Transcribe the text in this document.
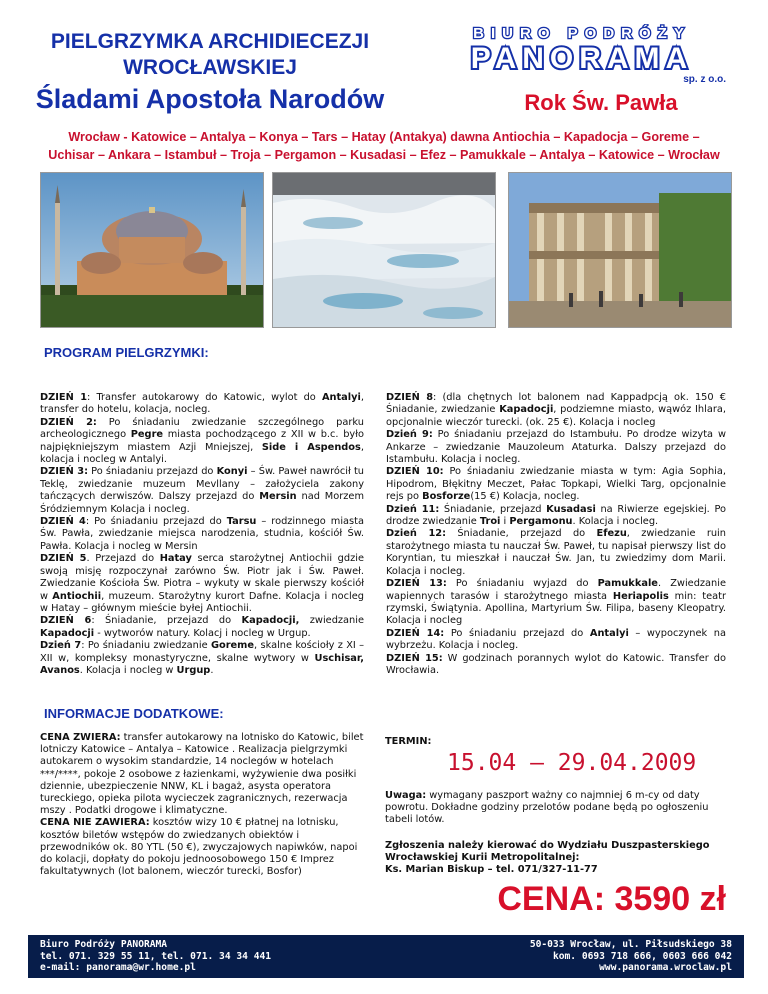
PIELGRZYMKA ARCHIDIECEZJI
WROCŁAWSKIEJ
Śladami Apostoła Narodów
BIURO PODRÓŻY
PANORAMA
sp. z o.o.
Rok Św. Pawła
Wrocław - Katowice – Antalya – Konya – Tars – Hatay (Antakya) dawna Antiochia – Kapadocja – Goreme –
Uchisar – Ankara – Istambuł – Troja – Pergamon – Kusadasi – Efez – Pamukkale – Antalya – Katowice – Wrocław
PROGRAM PIELGRZYMKI:

DZIEŃ 1: Transfer autokarowy do Katowic, wylot do Antalyi, transfer do hotelu, kolacja, nocleg.

DZIEŃ 2: Po śniadaniu zwiedzanie szczególnego parku archeologicznego Pegre miasta pochodzącego z XII w b.c. było najpiękniejszym miastem Azji Mniejszej, Side i Aspendos, kolacja i nocleg w Antalyi.

DZIEŃ 3: Po śniadaniu przejazd do Konyi – Św. Paweł nawrócił tu Teklę, zwiedzanie muzeum Mevllany – założyciela zakony tańczących derwiszów. Dalszy przejazd do Mersin nad Morzem Śródziemnym Kolacja i nocleg.

DZIEŃ 4: Po śniadaniu przejazd do Tarsu – rodzinnego miasta Św. Pawła, zwiedzanie miejsca narodzenia, studnia, kościół Św. Pawła. Kolacja i nocleg w Mersin

DZIEŃ 5. Przejazd do Hatay serca starożytnej Antiochii gdzie swoją misję rozpoczynał zarówno Św. Piotr jak i Św. Paweł. Zwiedzanie Kościoła Św. Piotra – wykuty w skale pierwszy kościół w Antiochii, muzeum. Starożytny kurort Dafne. Kolacja i nocleg w Hatay – głównym mieście byłej Antiochii.

DZIEŃ 6: Śniadanie, przejazd do Kapadocji, zwiedzanie Kapadocji - wytworów natury. Kolacj i nocleg w Urgup.

Dzień 7: Po śniadaniu zwiedzanie Goreme, skalne kościoły z XI – XII w, kompleksy monastyryczne, skalne wytwory w Uschisar, Avanos. Kolacja i nocleg w Urgup.

DZIEŃ 8: (dla chętnych lot balonem nad Kappadpcją ok. 150 € Śniadanie, zwiedzanie Kapadocji, podziemne miasto, wąwóz Ihlara, opcjonalnie wieczór turecki. (ok. 25 €). Kolacja i nocleg

Dzień 9: Po śniadaniu przejazd do Istambułu. Po drodze wizyta w Ankarze – zwiedzanie Mauzoleum Ataturka. Dalszy przejazd do Istambułu. Kolacja i nocleg.

DZIEŃ 10: Po śniadaniu zwiedzanie miasta w tym: Agia Sophia, Hipodrom, Błękitny Meczet, Pałac Topkapi, Wielki Targ, opcjonalnie rejs po Bosforze(15 €) Kolacja, nocleg.

Dzień 11: Śniadanie, przejazd Kusadasi na Riwierze egejskiej. Po drodze zwiedzanie Troi i Pergamonu. Kolacja i nocleg.

Dzień 12: Śniadanie, przejazd do Efezu, zwiedzanie ruin starożytnego miasta tu nauczał Św. Paweł, tu napisał pierwszy list do Koryntian, tu mieszkał i nauczał Św. Jan, tu zwiedzimy dom Marii. Kolacja i nocleg.

DZIEŃ 13: Po śniadaniu wyjazd do Pamukkale. Zwiedzanie wapiennych tarasów i starożytnego miasta Heriapolis min: teatr rzymski, Świątynia. Apollina, Martyrium Św. Filipa, baseny Kleopatry. Kolacja i nocleg

DZIEŃ 14: Po śniadaniu przejazd do Antalyi – wypoczynek na wybrzeżu. Kolacja i nocleg.

DZIEŃ 15: W godzinach porannych wylot do Katowic. Transfer do Wrocławia.

INFORMACJE DODATKOWE:

CENA ZWIERA: transfer autokarowy na lotnisko do Katowic, bilet lotniczy Katowice – Antalya – Katowice . Realizacja pielgrzymki autokarem o wysokim standardzie, 14 noclegów w hotelach ***/****, pokoje 2 osobowe z łazienkami, wyżywienie dwa posiłki dziennie, ubezpieczenie NNW, KL i bagaż, asysta operatora tureckiego, opieka pilota wycieczek zagranicznych, rezerwacja mszy . Podatki drogowe i klimatyczne.

CENA NIE ZAWIERA: kosztów wizy 10 € płatnej na lotnisku, kosztów biletów wstępów do zwiedzanych obiektów i przewodników ok. 80 YTL (50 €), zwyczajowych napiwków, napoi do kolacji, dopłaty do pokoju jednoosobowego 150 € Imprez fakultatywnych (lot balonem, wieczór turecki, Bosfor)

TERMIN:
15.04 – 29.04.2009
Uwaga: wymagany paszport ważny co najmniej 6 m-cy od daty powrotu. Dokładne godziny przelotów podane będą po ogłoszeniu tabeli lotów.
Zgłoszenia należy kierować do Wydziału Duszpasterskiego Wrocławskiej Kurii Metropolitalnej:
Ks. Marian Biskup – tel. 071/327-11-77
CENA: 3590 zł
Biuro Podróży PANORAMA
tel. 071. 329 55 11, tel. 071. 34 34 441
e-mail: panorama@wr.home.pl
50-033 Wrocław, ul. Piłsudskiego 38
kom. 0693 718 666, 0603 666 042
www.panorama.wroclaw.pl
